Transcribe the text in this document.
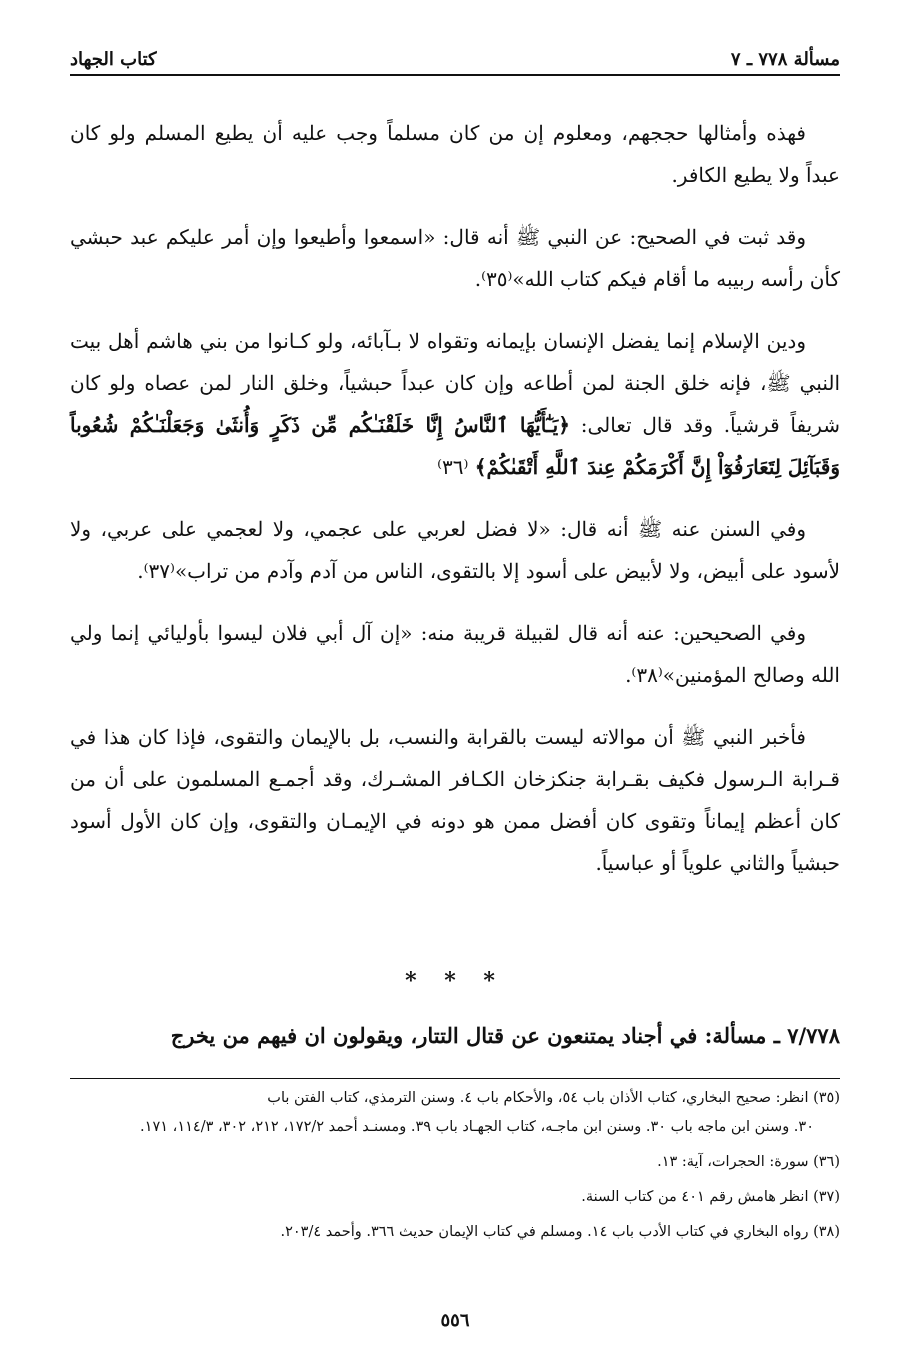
مسألة ٧٧٨ ـ ٧
كتاب الجهاد

فهذه وأمثالها حججهم، ومعلوم إن من كان مسلماً وجب عليه أن يطيع المسلم ولو كان عبداً ولا يطيع الكافر.

وقد ثبت في الصحيح: عن النبي ﷺ أنه قال: «اسمعوا وأطيعوا وإن أمر عليكم عبد حبشي كأن رأسه ربيبه ما أقام فيكم كتاب الله»⁽٣٥⁾.

ودين الإسلام إنما يفضل الإنسان بإيمانه وتقواه لا بـآبائه، ولو كـانوا من بني هاشم أهل بيت النبي ﷺ، فإنه خلق الجنة لمن أطاعه وإن كان عبداً حبشياً، وخلق النار لمن عصاه ولو كان شريفاً قرشياً. وقد قال تعالى: ﴿يَـٰٓأَيُّهَا ٱلنَّاسُ إِنَّا خَلَقْنَـٰكُم مِّن ذَكَرٍ وَأُنثَىٰ وَجَعَلْنَـٰكُمْ شُعُوباً وَقَبَآئِلَ لِتَعَارَفُوٓاْ إِنَّ أَكْرَمَكُمْ عِندَ ٱللَّهِ أَتْقَىٰكُمْ﴾ ⁽٣٦⁾

وفي السنن عنه ﷺ أنه قال: «لا فضل لعربي على عجمي، ولا لعجمي على عربي، ولا لأسود على أبيض، ولا لأبيض على أسود إلا بالتقوى، الناس من آدم وآدم من تراب»⁽٣٧⁾.

وفي الصحيحين: عنه أنه قال لقبيلة قريبة منه: «إن آل أبي فلان ليسوا بأوليائي إنما ولي الله وصالح المؤمنين»⁽٣٨⁾.

فأخبر النبي ﷺ أن موالاته ليست بالقرابة والنسب، بل بالإيمان والتقوى، فإذا كان هذا في قـرابة الـرسول فكيف بقـرابة جنكزخان الكـافر المشـرك، وقد أجمـع المسلمون على أن من كان أعظم إيماناً وتقوى كان أفضل ممن هو دونه في الإيمـان والتقوى، وإن كان الأول أسود حبشياً والثاني علوياً أو عباسياً.

* * *
٧/٧٧٨ ـ مسألة: في أجناد يمتنعون عن قتال التتار، ويقولون ان فيهم من يخرج
(٣٥) انظر: صحيح البخاري، كتاب الأذان باب ٥٤، والأحكام باب ٤. وسنن الترمذي، كتاب الفتن باب
٣٠. وسنن ابن ماجه باب ٣٠. وسنن ابن ماجـه، كتاب الجهـاد باب ٣٩. ومسنـد أحمد ١٧٢/٢، ٢١٢، ٣٠٢، ١١٤/٣، ١٧١.
(٣٦) سورة: الحجرات، آية: ١٣.
(٣٧) انظر هامش رقم ٤٠١ من كتاب السنة.
(٣٨) رواه البخاري في كتاب الأدب باب ١٤. ومسلم في كتاب الإيمان حديث ٣٦٦. وأحمد ٢٠٣/٤.
٥٥٦
